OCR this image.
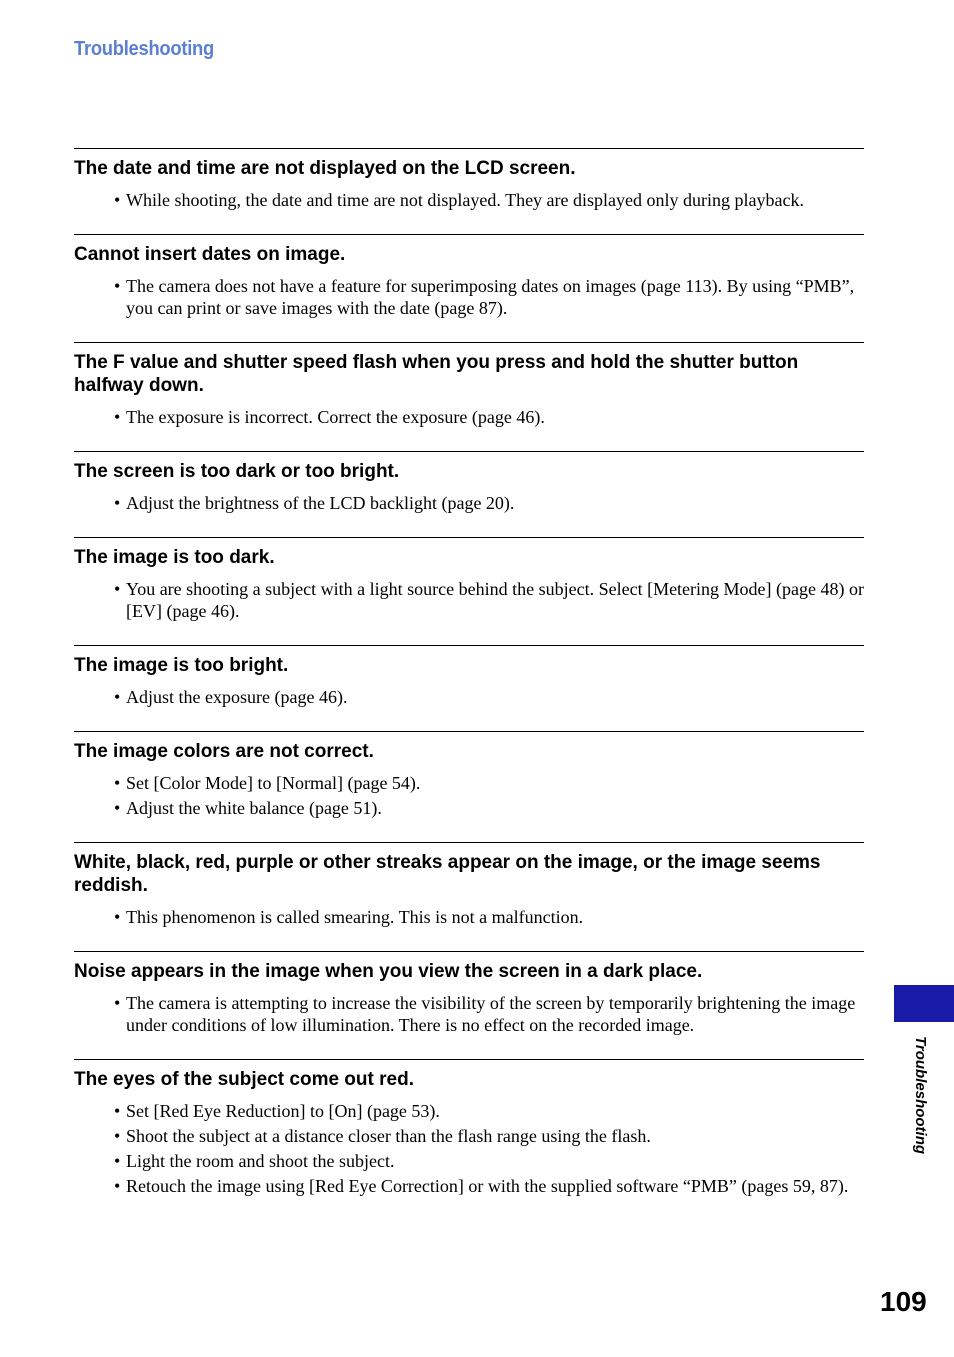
Troubleshooting
The date and time are not displayed on the LCD screen.
• While shooting, the date and time are not displayed. They are displayed only during playback.
Cannot insert dates on image.
• The camera does not have a feature for superimposing dates on images (page 113). By using “PMB”, you can print or save images with the date (page 87).
The F value and shutter speed flash when you press and hold the shutter button halfway down.
• The exposure is incorrect. Correct the exposure (page 46).
The screen is too dark or too bright.
• Adjust the brightness of the LCD backlight (page 20).
The image is too dark.
• You are shooting a subject with a light source behind the subject. Select [Metering Mode] (page 48) or [EV] (page 46).
The image is too bright.
• Adjust the exposure (page 46).
The image colors are not correct.
• Set [Color Mode] to [Normal] (page 54).
• Adjust the white balance (page 51).
White, black, red, purple or other streaks appear on the image, or the image seems reddish.
• This phenomenon is called smearing. This is not a malfunction.
Noise appears in the image when you view the screen in a dark place.
• The camera is attempting to increase the visibility of the screen by temporarily brightening the image under conditions of low illumination. There is no effect on the recorded image.
The eyes of the subject come out red.
• Set [Red Eye Reduction] to [On] (page 53).
• Shoot the subject at a distance closer than the flash range using the flash.
• Light the room and shoot the subject.
• Retouch the image using [Red Eye Correction] or with the supplied software “PMB” (pages 59, 87).
Troubleshooting
109
